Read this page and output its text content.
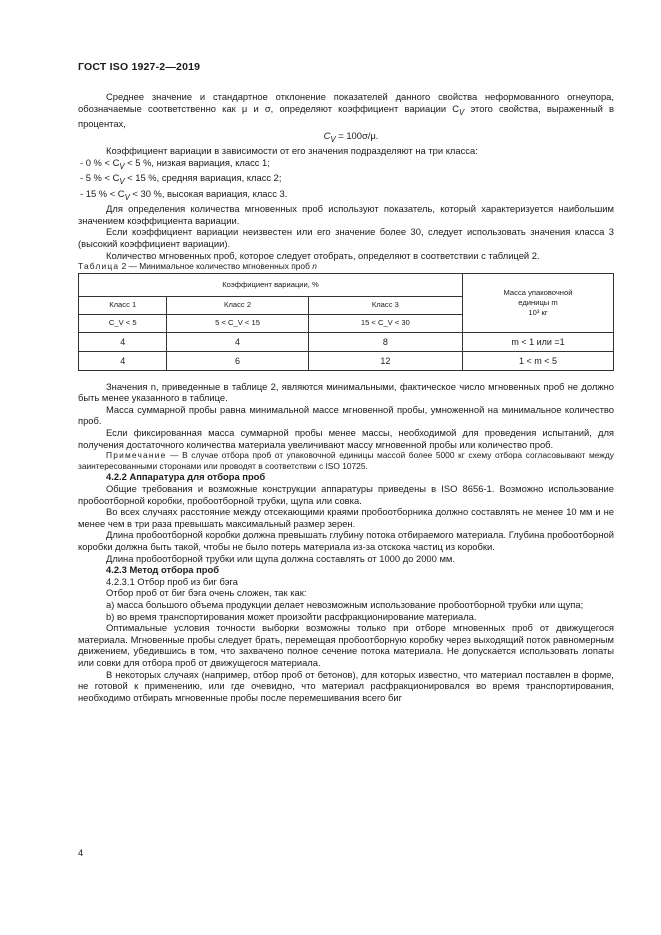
ГОСТ ISO 1927-2—2019

Среднее значение и стандартное отклонение показателей данного свойства неформованного огнеупора, обозначаемые соответственно как μ и σ, определяют коэффициент вариации $C_V$ этого свойства, выраженный в процентах,

$C_V = 100\sigma/\mu$.

Коэффициент вариации в зависимости от его значения подразделяют на три класса:

- 0 % < $C_V < 5$ %, низкая вариация, класс 1;

- 5 % < $C_V < 15$ %, средняя вариация, класс 2;

- 15 % < $C_V < 30$ %, высокая вариация, класс 3.

Для определения количества мгновенных проб используют показатель, который характеризуется наибольшим значением коэффициента вариации.

Если коэффициент вариации неизвестен или его значение более 30, следует использовать значения класса 3 (высокий коэффициент вариации).

Количество мгновенных проб, которое следует отобрать, определяют в соответствии с таблицей 2.

Таблица 2 — Минимальное количество мгновенных проб n

Коэффициент вариации, %			Масса упаковочной
единицы m
10³ кг
Класс 1	Класс 2	Класс 3	
C_V < 5	5 < C_V < 15	15 < C_V < 30	
4	4	8	m < 1 или =1
4	6	12	1 < m < 5

Значения n, приведенные в таблице 2, являются минимальными, фактическое число мгновенных проб не должно быть менее указанного в таблице.

Масса суммарной пробы равна минимальной массе мгновенной пробы, умноженной на минимальное количество проб.

Если фиксированная масса суммарной пробы менее массы, необходимой для проведения испытаний, для получения достаточного количества материала увеличивают массу мгновенной пробы или количество проб.

Примечание — В случае отбора проб от упаковочной единицы массой более 5000 кг схему отбора согласовывают между заинтересованными сторонами или проводят в соответствии с ISO 10725.

4.2.2 Аппаратура для отбора проб

Общие требования и возможные конструкции аппаратуры приведены в ISO 8656-1. Возможно использование пробоотборной коробки, пробоотборной трубки, щупа или совка.

Во всех случаях расстояние между отсекающими краями пробоотборника должно составлять не менее 10 мм и не менее чем в три раза превышать максимальный размер зерен.

Длина пробоотборной коробки должна превышать глубину потока отбираемого материала. Глубина пробоотборной коробки должна быть такой, чтобы не было потерь материала из-за отскока частиц из коробки.

Длина пробоотборной трубки или щупа должна составлять от 1000 до 2000 мм.

4.2.3 Метод отбора проб

4.2.3.1 Отбор проб из биг бэга

Отбор проб от биг бэга очень сложен, так как:

a) масса большого объема продукции делает невозможным использование пробоотборной трубки или щупа;

b) во время транспортирования может произойти расфракционирование материала.

Оптимальные условия точности выборки возможны только при отборе мгновенных проб от движущегося материала. Мгновенные пробы следует брать, перемещая пробоотборную коробку через выходящий поток равномерным движением, убедившись в том, что захвачено полное сечение потока материала. Не допускается использовать лопаты или совки для отбора проб от движущегося материала.

В некоторых случаях (например, отбор проб от бетонов), для которых известно, что материал поставлен в форме, не готовой к применению, или где очевидно, что материал расфракционировался во время транспортирования, необходимо отбирать мгновенные пробы после перемешивания всего биг

4
